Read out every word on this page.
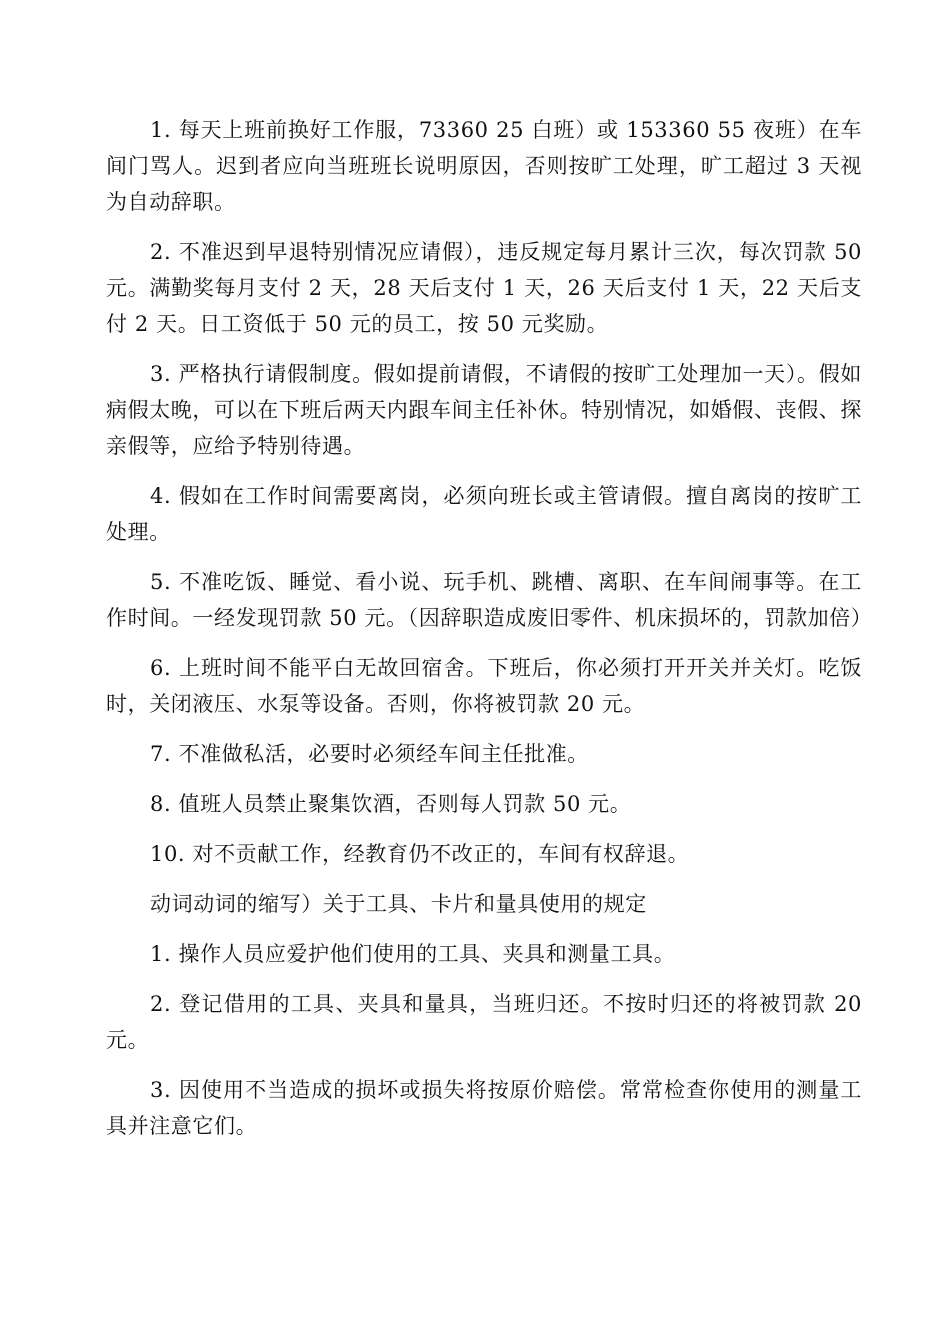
1. 每天上班前换好工作服，73360 25 白班）或 153360 55 夜班）在车间门骂人。迟到者应向当班班长说明原因，否则按旷工处理，旷工超过 3 天视为自动辞职。

2. 不准迟到早退特别情况应请假），违反规定每月累计三次，每次罚款 50 元。满勤奖每月支付 2 天，28 天后支付 1 天，26 天后支付 1 天，22 天后支付 2 天。日工资低于 50 元的员工，按 50 元奖励。

3. 严格执行请假制度。假如提前请假，不请假的按旷工处理加一天）。假如病假太晚，可以在下班后两天内跟车间主任补休。特别情况，如婚假、丧假、探亲假等，应给予特别待遇。

4. 假如在工作时间需要离岗，必须向班长或主管请假。擅自离岗的按旷工处理。

5. 不准吃饭、睡觉、看小说、玩手机、跳槽、离职、在车间闹事等。在工作时间。一经发现罚款 50 元。（因辞职造成废旧零件、机床损坏的，罚款加倍）

6. 上班时间不能平白无故回宿舍。下班后，你必须打开开关并关灯。吃饭时，关闭液压、水泵等设备。否则，你将被罚款 20 元。

7. 不准做私活，必要时必须经车间主任批准。

8. 值班人员禁止聚集饮酒，否则每人罚款 50 元。

10. 对不贡献工作，经教育仍不改正的，车间有权辞退。

动词动词的缩写）关于工具、卡片和量具使用的规定

1. 操作人员应爱护他们使用的工具、夹具和测量工具。

2. 登记借用的工具、夹具和量具，当班归还。不按时归还的将被罚款 20 元。

3. 因使用不当造成的损坏或损失将按原价赔偿。常常检查你使用的测量工具并注意它们。
